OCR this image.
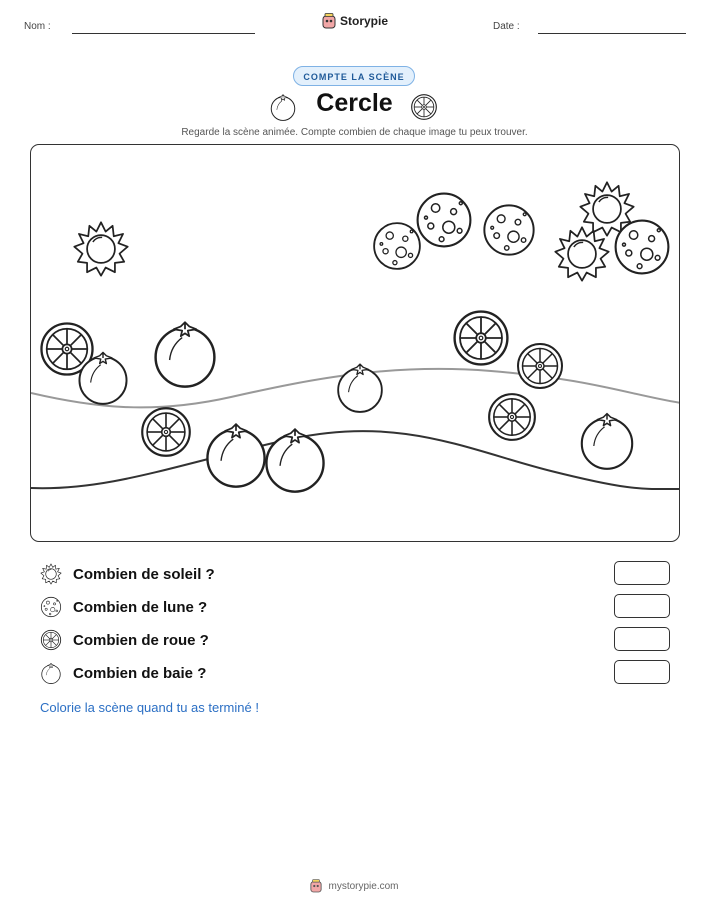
Nom :	Storypie	Date :
COMPTE LA SCÈNE
Cercle
Regarde la scène animée. Compte combien de chaque image tu peux trouver.
Combien de soleil ?
Combien de lune ?
Combien de roue ?
Combien de baie ?
Colorie la scène quand tu as terminé !
mystorypie.com
